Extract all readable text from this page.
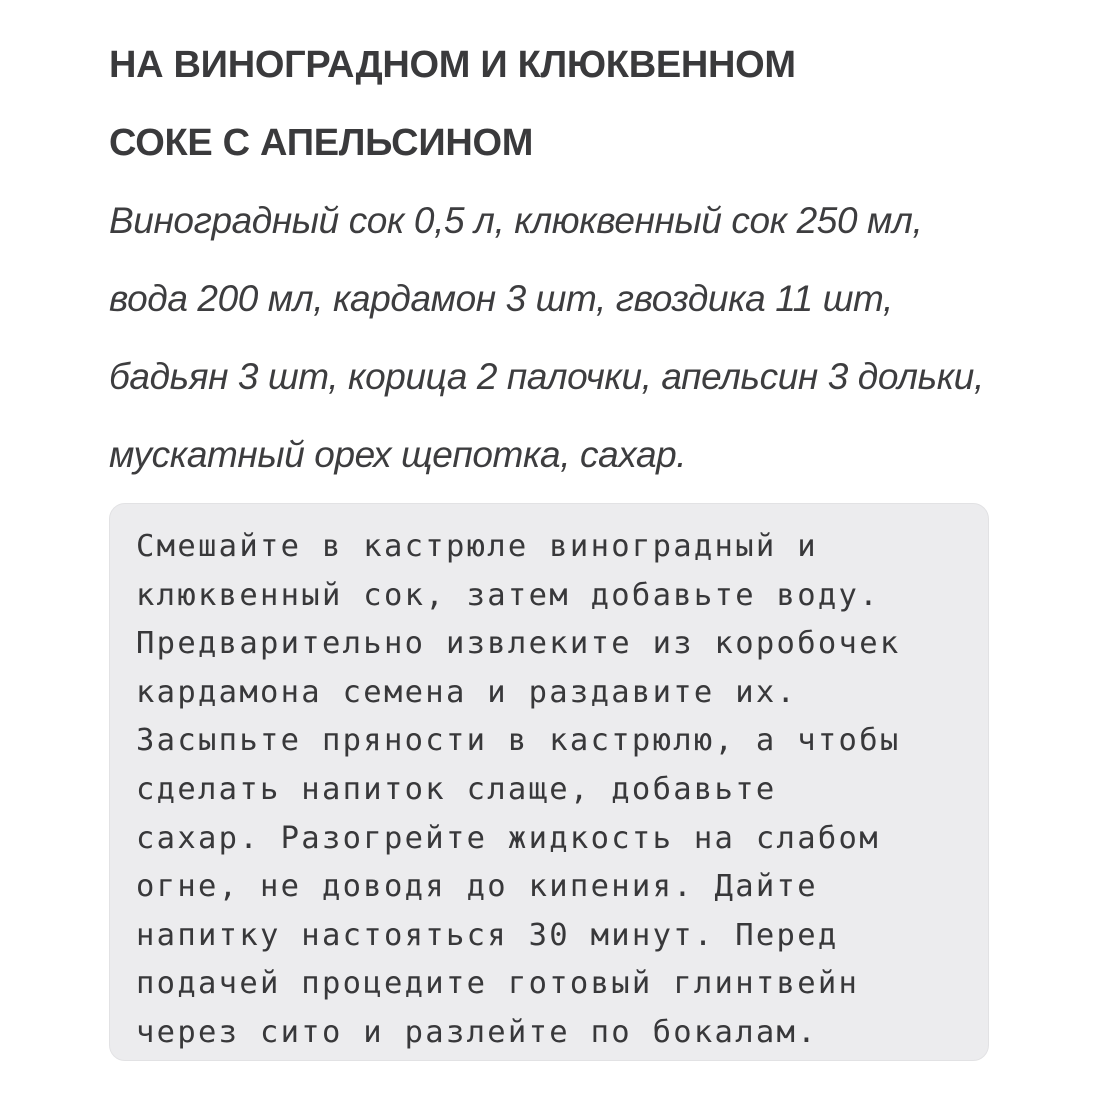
НА ВИНОГРАДНОМ И КЛЮКВЕННОМ
СОКЕ С АПЕЛЬСИНОМ

Виноградный сок 0,5 л, клюквенный сок 250 мл, вода 200 мл, кардамон 3 шт, гвоздика 11 шт, бадьян 3 шт, корица 2 палочки, апельсин 3 дольки, мускатный орех щепотка, сахар.

Смешайте в кастрюле виноградный и
клюквенный сок, затем добавьте воду.
Предварительно извлеките из коробочек
кардамона семена и раздавите их.
Засыпьте пряности в кастрюлю, а чтобы
сделать напиток слаще, добавьте
сахар. Разогрейте жидкость на слабом
огне, не доводя до кипения. Дайте
напитку настояться 30 минут. Перед
подачей процедите готовый глинтвейн
через сито и разлейте по бокалам.
